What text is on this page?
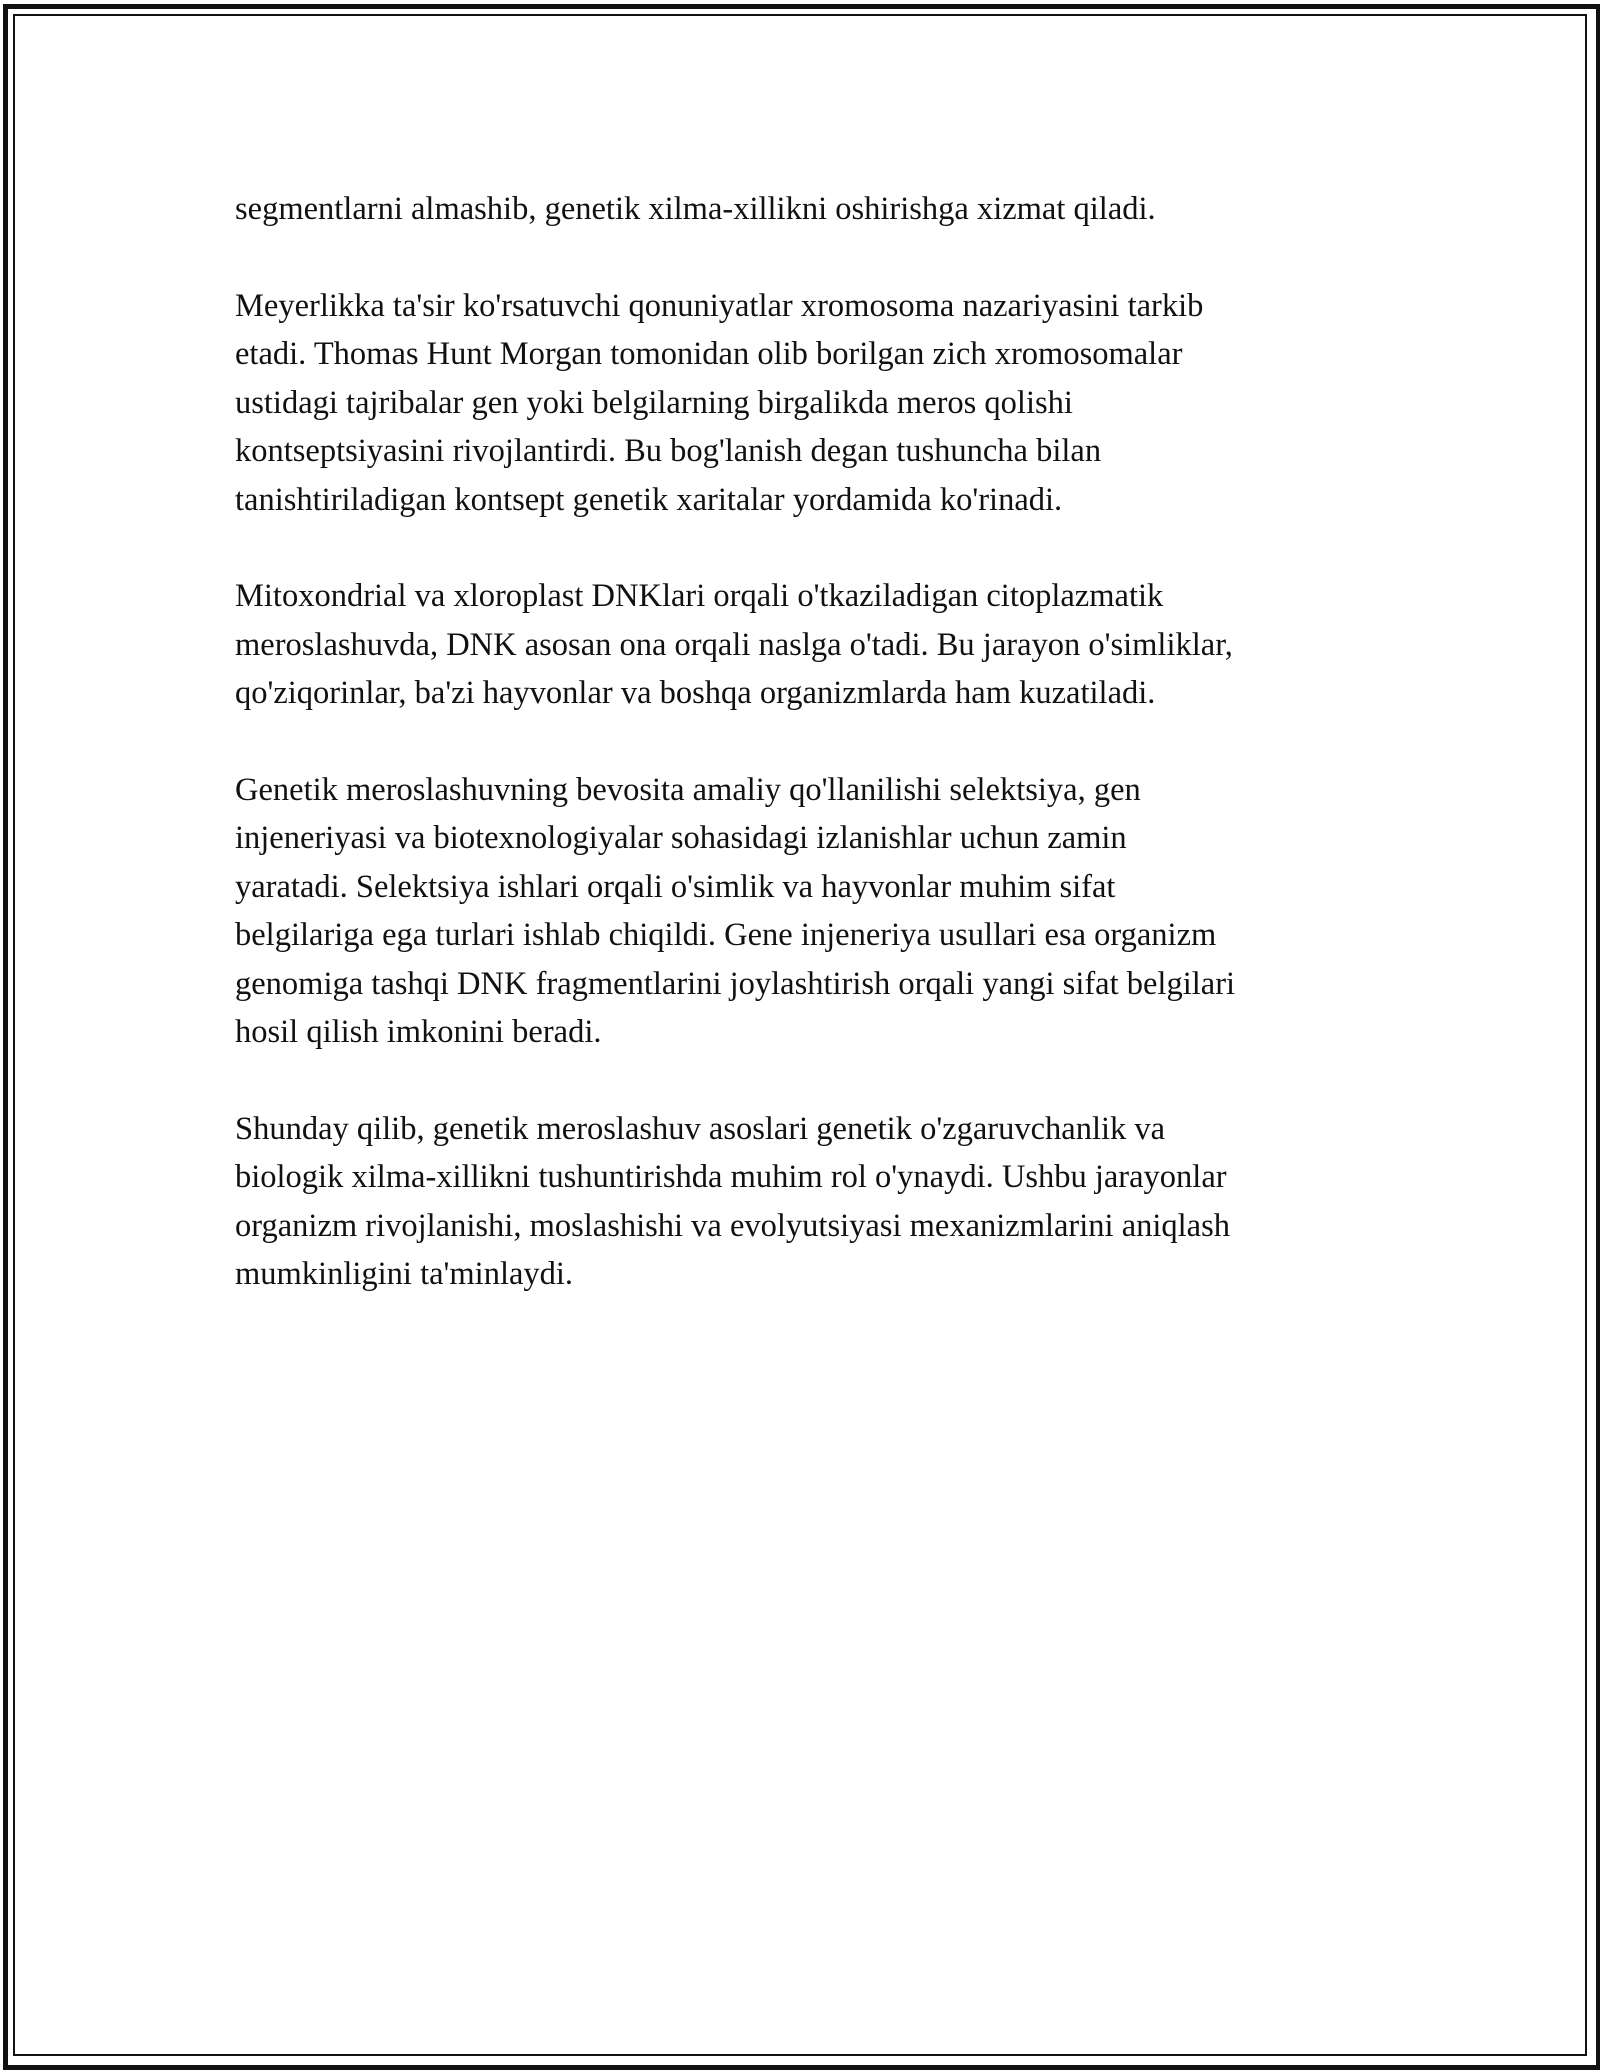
segmentlarni almashib, genetik xilma-xillikni oshirishga xizmat qiladi.

Meyerlikka ta'sir ko'rsatuvchi qonuniyatlar xromosoma nazariyasini tarkib
etadi. Thomas Hunt Morgan tomonidan olib borilgan zich xromosomalar
ustidagi tajribalar gen yoki belgilarning birgalikda meros qolishi
kontseptsiyasini rivojlantirdi. Bu bog'lanish degan tushuncha bilan
tanishtiriladigan kontsept genetik xaritalar yordamida ko'rinadi.

Mitoxondrial va xloroplast DNKlari orqali o'tkaziladigan citoplazmatik
meroslashuvda, DNK asosan ona orqali naslga o'tadi. Bu jarayon o'simliklar,
qo'ziqorinlar, ba'zi hayvonlar va boshqa organizmlarda ham kuzatiladi.

Genetik meroslashuvning bevosita amaliy qo'llanilishi selektsiya, gen
injeneriyasi va biotexnologiyalar sohasidagi izlanishlar uchun zamin
yaratadi. Selektsiya ishlari orqali o'simlik va hayvonlar muhim sifat
belgilariga ega turlari ishlab chiqildi. Gene injeneriya usullari esa organizm
genomiga tashqi DNK fragmentlarini joylashtirish orqali yangi sifat belgilari
hosil qilish imkonini beradi.

Shunday qilib, genetik meroslashuv asoslari genetik o'zgaruvchanlik va
biologik xilma-xillikni tushuntirishda muhim rol o'ynaydi. Ushbu jarayonlar
organizm rivojlanishi, moslashishi va evolyutsiyasi mexanizmlarini aniqlash
mumkinligini ta'minlaydi.
